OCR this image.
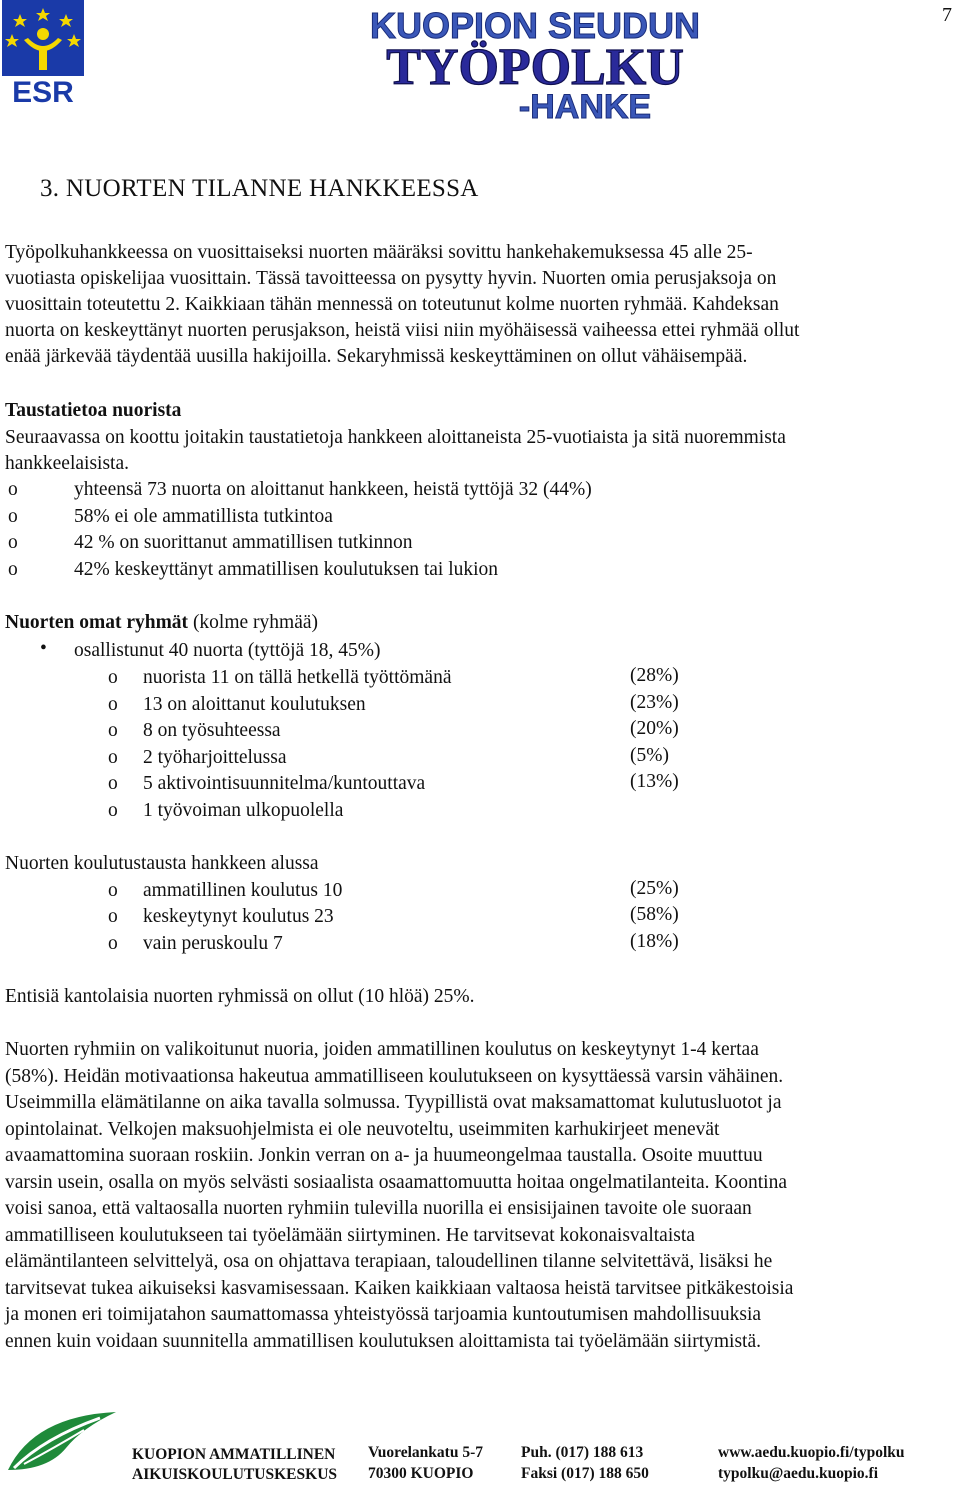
7
ESR
KUOPION SEUDUN
TYÖPOLKU
-HANKE
3. NUORTEN TILANNE HANKKEESSA
Työpolkuhankkeessa on vuosittaiseksi nuorten määräksi sovittu hankehakemuksessa 45 alle 25-
vuotiasta opiskelijaa vuosittain. Tässä tavoitteessa on pysytty hyvin. Nuorten omia perusjaksoja on
vuosittain toteutettu 2. Kaikkiaan tähän mennessä on toteutunut kolme nuorten ryhmää. Kahdeksan
nuorta on keskeyttänyt nuorten perusjakson, heistä viisi niin myöhäisessä vaiheessa ettei ryhmää ollut
enää järkevää täydentää uusilla hakijoilla. Sekaryhmissä keskeyttäminen on ollut vähäisempää.
Taustatietoa nuorista
Seuraavassa on koottu joitakin taustatietoja hankkeen aloittaneista 25-vuotiaista ja sitä nuoremmista
hankkeelaisista.
o	yhteensä 73 nuorta on aloittanut hankkeen, heistä tyttöjä 32 (44%)
o	58% ei ole ammatillista tutkintoa
o	42 % on suorittanut ammatillisen tutkinnon
o	42% keskeyttänyt ammatillisen koulutuksen tai lukion
Nuorten omat ryhmät (kolme ryhmää)
• osallistunut 40 nuorta (tyttöjä 18, 45%)
o nuorista 11 on tällä hetkellä työttömänä	(28%)
o 13 on aloittanut koulutuksen	(23%)
o 8 on työsuhteessa	(20%)
o 2 työharjoittelussa	(5%)
o 5 aktivointisuunnitelma/kuntouttava	(13%)
o 1 työvoiman ulkopuolella
Nuorten koulutustausta hankkeen alussa
o ammatillinen koulutus 10	(25%)
o keskeytynyt koulutus 23	(58%)
o vain peruskoulu 7	(18%)
Entisiä kantolaisia nuorten ryhmissä on ollut (10 hlöä) 25%.
Nuorten ryhmiin on valikoitunut nuoria, joiden ammatillinen koulutus on keskeytynyt 1-4 kertaa
(58%). Heidän motivaationsa hakeutua ammatilliseen koulutukseen on kysyttäessä varsin vähäinen.
Useimmilla elämätilanne on aika tavalla solmussa. Tyypillistä ovat maksamattomat kulutusluotot ja
opintolainat. Velkojen maksuohjelmista ei ole neuvoteltu, useimmiten karhukirjeet menevät
avaamattomina suoraan roskiin. Jonkin verran on a- ja huumeongelmaa taustalla. Osoite muuttuu
varsin usein, osalla on myös selvästi sosiaalista osaamattomuutta hoitaa ongelmatilanteita. Koontina
voisi sanoa, että valtaosalla nuorten ryhmiin tulevilla nuorilla ei ensisijainen tavoite ole suoraan
ammatilliseen koulutukseen tai työelämään siirtyminen. He tarvitsevat kokonaisvaltaista
elämäntilanteen selvittelyä, osa on ohjattava terapiaan, taloudellinen tilanne selvitettävä, lisäksi he
tarvitsevat tukea aikuiseksi kasvamisessaan. Kaiken kaikkiaan valtaosa heistä tarvitsee pitkäkestoisia
ja monen eri toimijatahon saumattomassa yhteistyössä tarjoamia kuntoutumisen mahdollisuuksia
ennen kuin voidaan suunnitella ammatillisen koulutuksen aloittamista tai työelämään siirtymistä.
KUOPION AMMATILLINEN
AIKUISKOULUTUSKESKUS
Vuorelankatu 5-7
70300 KUOPIO
Puh. (017) 188 613
Faksi (017) 188 650
www.aedu.kuopio.fi/typolku
typolku@aedu.kuopio.fi
